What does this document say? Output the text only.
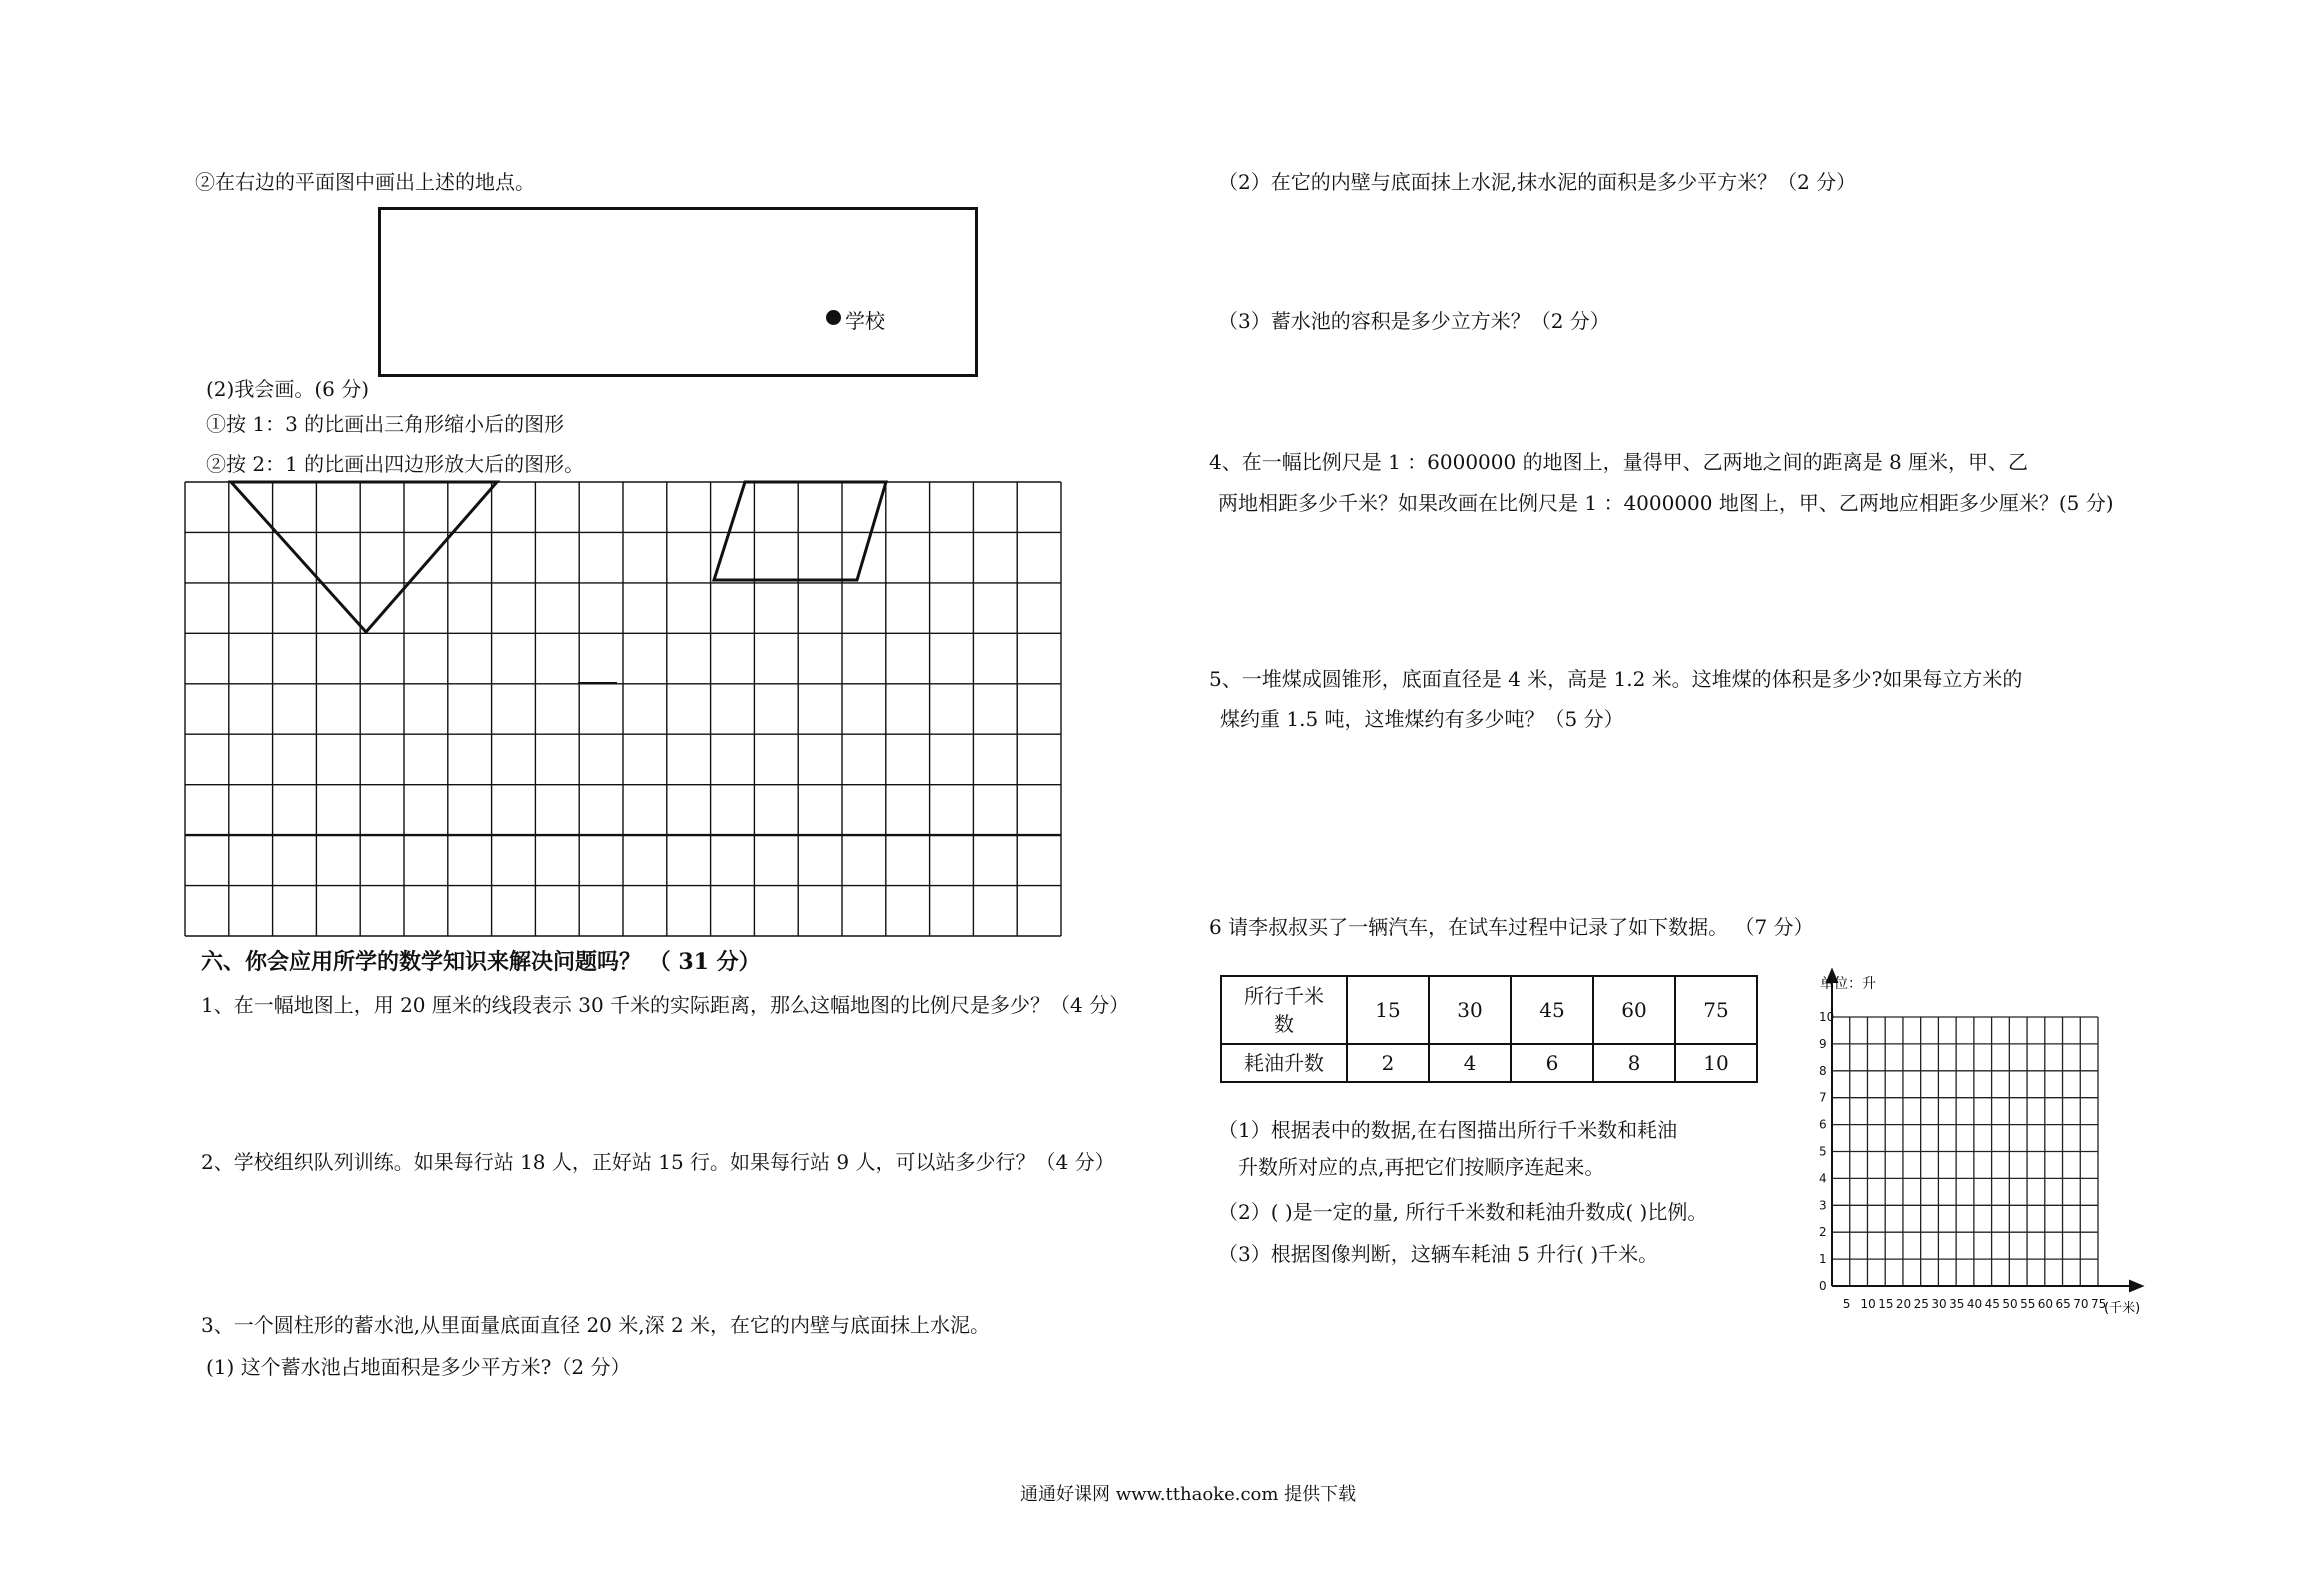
②在右边的平面图中画出上述的地点。
学校
(2)我会画。(6 分)
①按 1：3 的比画出三角形缩小后的图形
②按 2：1 的比画出四边形放大后的图形。
六、你会应用所学的数学知识来解决问题吗？ （ 31 分）
1、在一幅地图上，用 20 厘米的线段表示 30 千米的实际距离，那么这幅地图的比例尺是多少？（4 分）
2、学校组织队列训练。如果每行站 18 人，正好站 15 行。如果每行站 9 人，可以站多少行？（4 分）
3、一个圆柱形的蓄水池,从里面量底面直径 20 米,深 2 米，在它的内壁与底面抹上水泥。
(1) 这个蓄水池占地面积是多少平方米?（2 分）
（2）在它的内壁与底面抹上水泥,抹水泥的面积是多少平方米？（2 分）
（3）蓄水池的容积是多少立方米？（2 分）
4、在一幅比例尺是 1 ：6000000 的地图上，量得甲、乙两地之间的距离是 8 厘米，甲、乙
两地相距多少千米？如果改画在比例尺是 1 ：4000000 地图上，甲、乙两地应相距多少厘米？(5 分)
5、一堆煤成圆锥形，底面直径是 4 米，高是 1.2 米。这堆煤的体积是多少?如果每立方米的
煤约重 1.5 吨，这堆煤约有多少吨？（5 分）
6 请李叔叔买了一辆汽车，在试车过程中记录了如下数据。 （7 分）
所行千米
数	15	30	45	60	75
耗油升数	2	4	6	8	10
（1）根据表中的数据,在右图描出所行千米数和耗油
升数所对应的点,再把它们按顺序连起来。
（2）( )是一定的量, 所行千米数和耗油升数成( )比例。
（3）根据图像判断，这辆车耗油 5 升行( )千米。
0
1
2
3
4
5
6
7
8
9
10
5 10 15 20 25 30 35 40 45 50 55 60 65 70 75
单位：升
(千米)
通通好课网 www.tthaoke.com 提供下载
